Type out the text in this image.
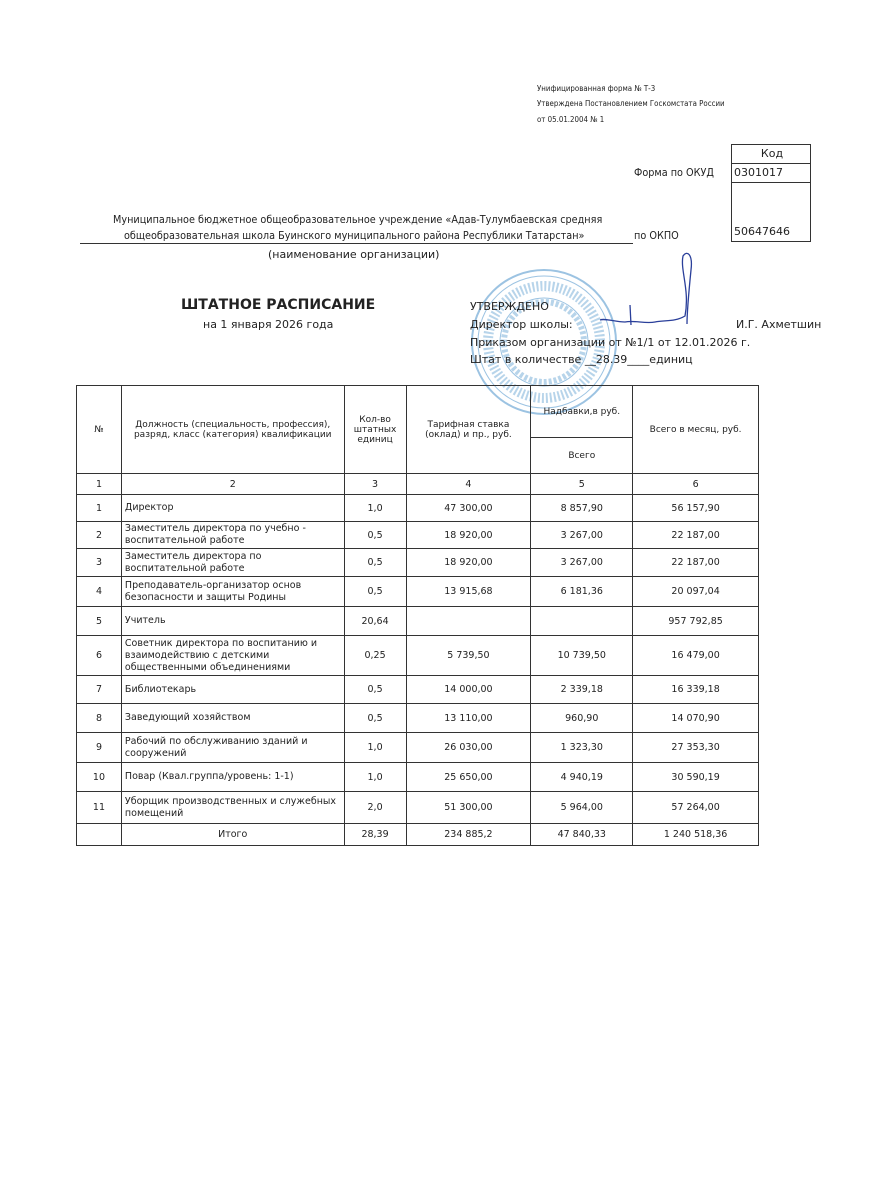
Унифицированная форма № Т-3
Утверждена Постановлением Госкомстата России
от 05.01.2004 № 1
Форма по ОКУД
по ОКПО
Код
0301017
50647646
Муниципальное бюджетное общеобразовательное учреждение «Адав-Тулумбаевская средняя
общеобразовательная школа Буинского муниципального района Республики Татарстан»
(наименование организации)
ШТАТНОЕ РАСПИСАНИЕ
на 1 января 2026 года
УТВЕРЖДЕНО
Директор школы:	И.Г. Ахметшин
Приказом организации от №1/1 от 12.01.2026 г.
Штат в количестве __28.39____единиц
№	Должность (специальность, профессия), разряд, класс (категория) квалификации	Кол-во штатных единиц	Тарифная ставка (оклад) и пр., руб.	Надбавки,в руб.	Всего в месяц, руб.
				Всего	
1	2	3	4	5	6
1	Директор	1,0	47 300,00	8 857,90	56 157,90
2	Заместитель директора по учебно - воспитательной работе	0,5	18 920,00	3 267,00	22 187,00
3	Заместитель директора по воспитательной работе	0,5	18 920,00	3 267,00	22 187,00
4	Преподаватель-организатор основ безопасности и защиты Родины	0,5	13 915,68	6 181,36	20 097,04
5	Учитель	20,64			957 792,85
6	Советник директора по воспитанию и взаимодействию с детскими общественными объединениями	0,25	5 739,50	10 739,50	16 479,00
7	Библиотекарь	0,5	14 000,00	2 339,18	16 339,18
8	Заведующий хозяйством	0,5	13 110,00	960,90	14 070,90
9	Рабочий по обслуживанию зданий и сооружений	1,0	26 030,00	1 323,30	27 353,30
10	Повар (Квал.группа/уровень: 1-1)	1,0	25 650,00	4 940,19	30 590,19
11	Уборщик производственных и служебных помещений	2,0	51 300,00	5 964,00	57 264,00
	Итого	28,39	234 885,2	47 840,33	1 240 518,36
